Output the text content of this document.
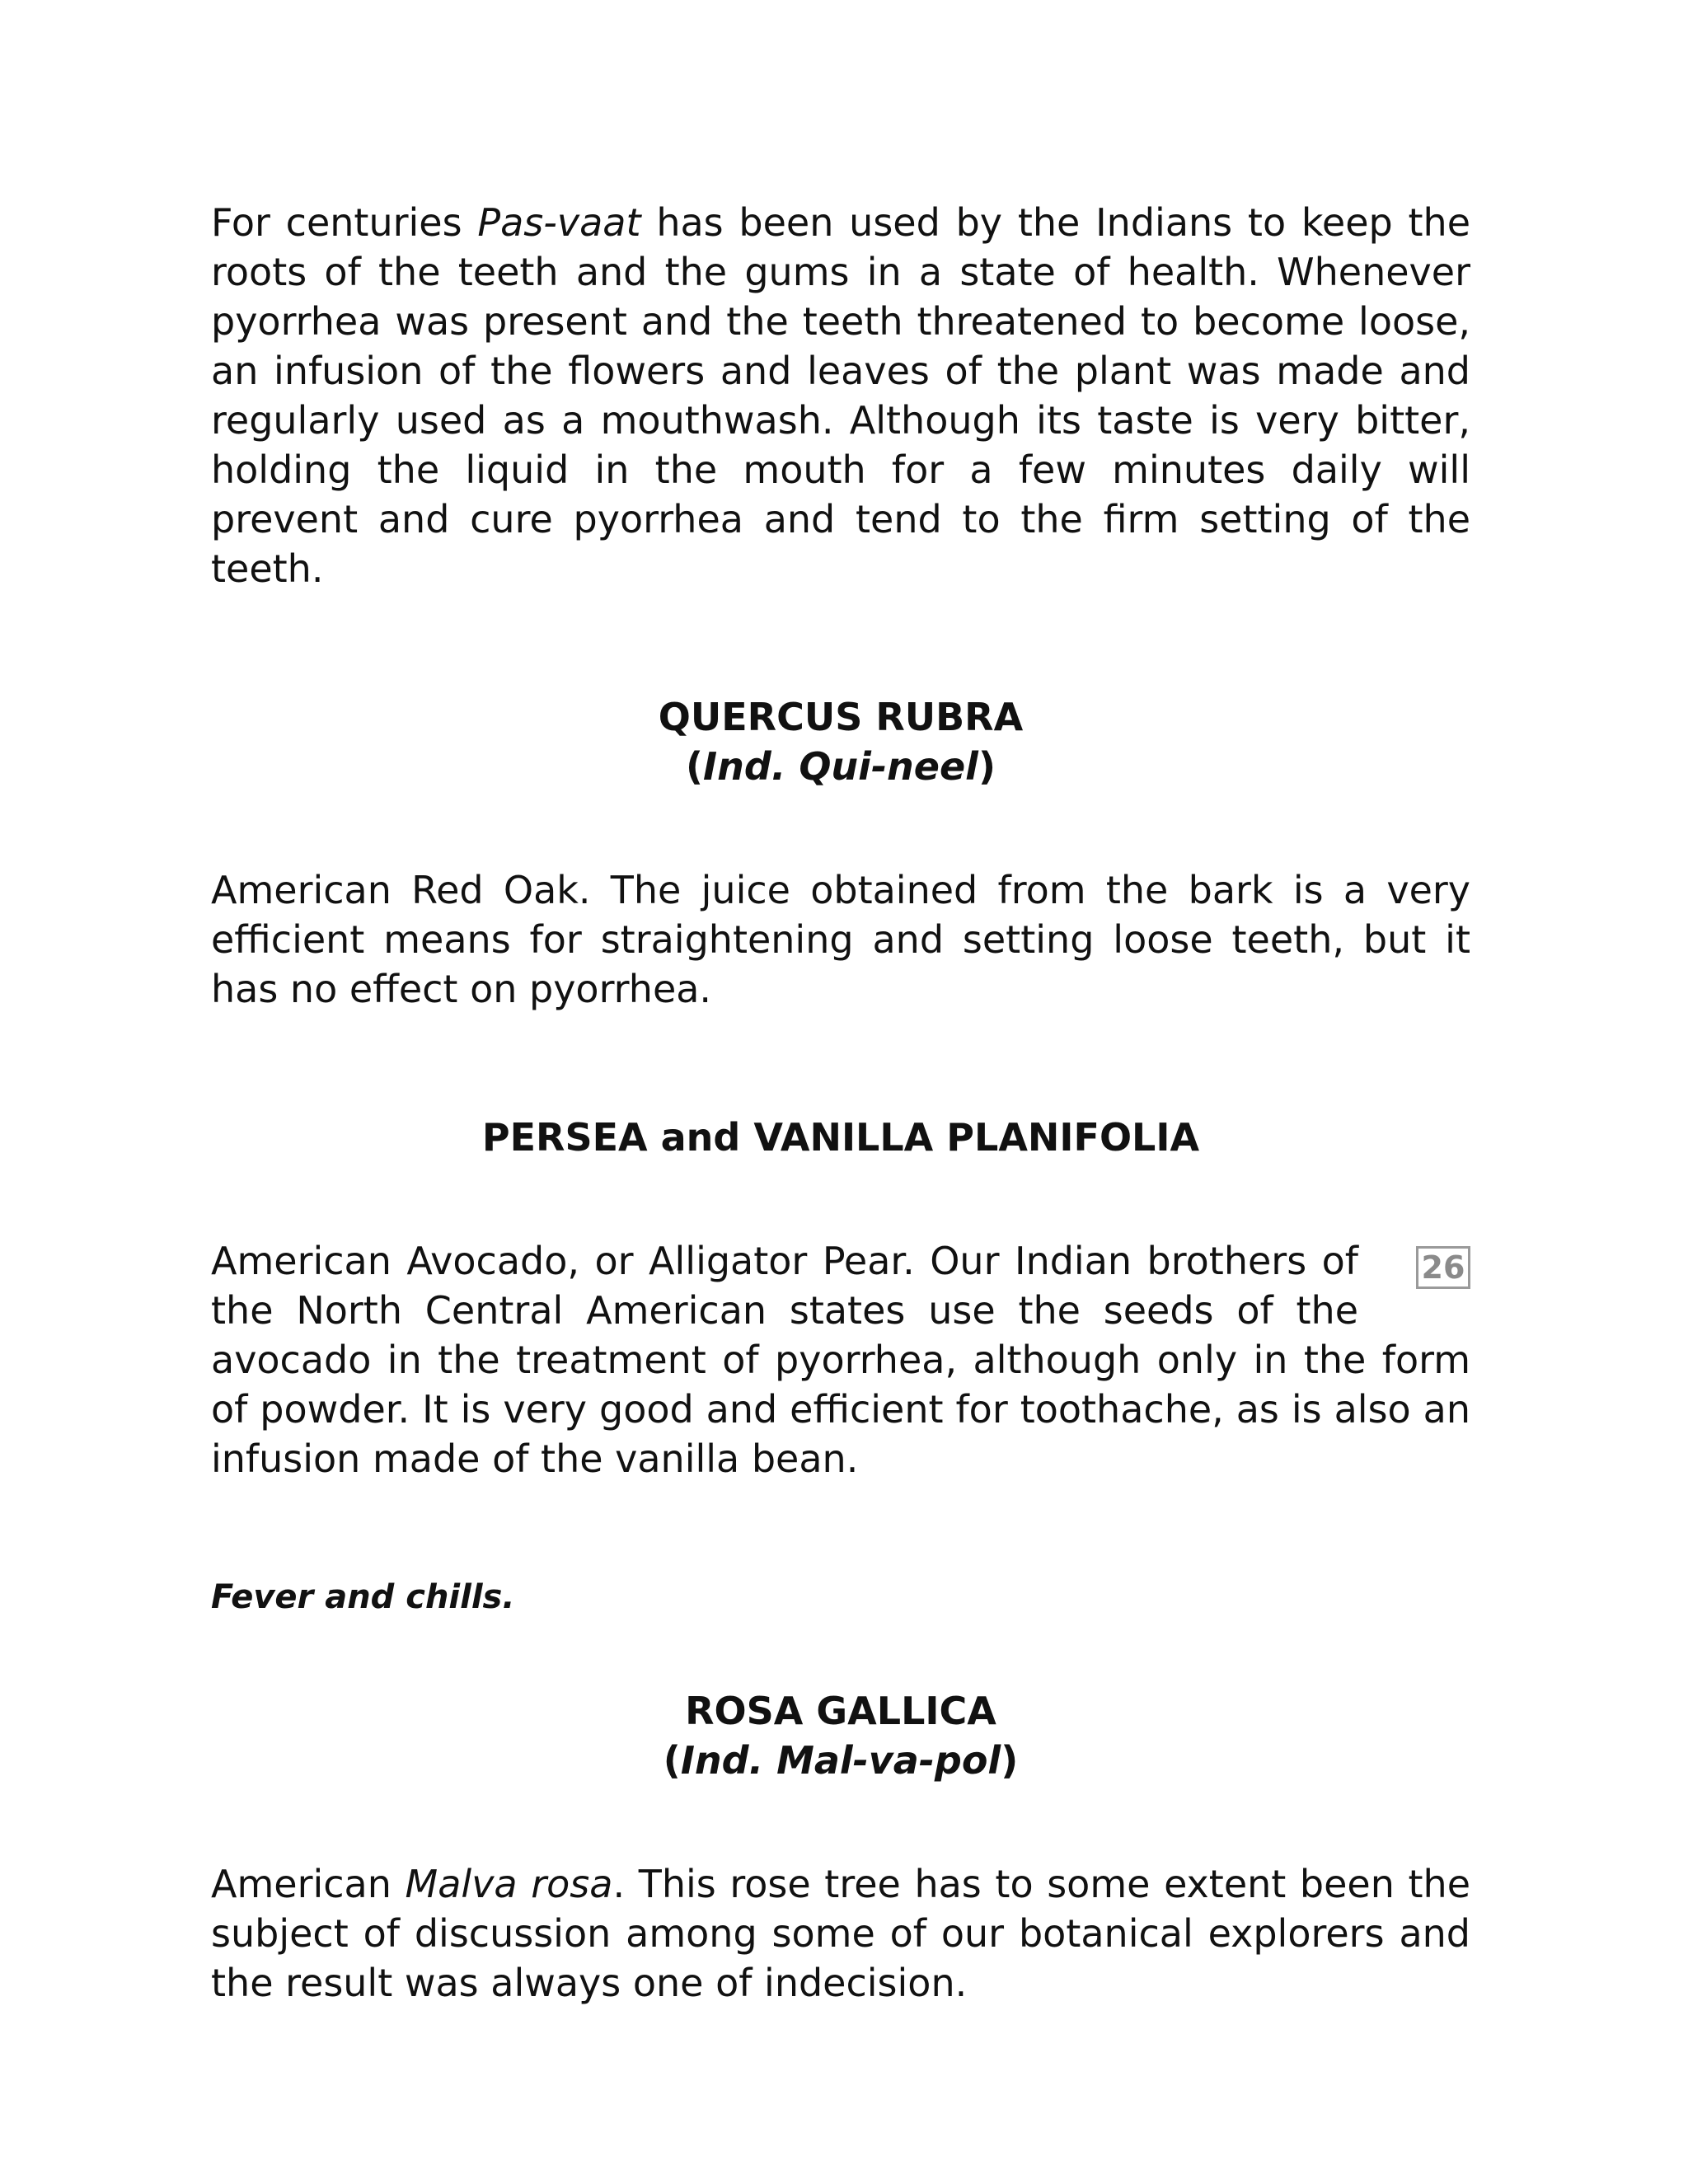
For centuries Pas-vaat has been used by the Indians to keep the roots of the teeth and the gums in a state of health. Whenever pyorrhea was present and the teeth threatened to become loose, an infusion of the flowers and leaves of the plant was made and regularly used as a mouthwash. Although its taste is very bitter, holding the liquid in the mouth for a few minutes daily will prevent and cure pyorrhea and tend to the firm setting of the teeth.

QUERCUS RUBRA
(Ind. Qui-neel)

American Red Oak. The juice obtained from the bark is a very efficient means for straightening and setting loose teeth, but it has no effect on pyorrhea.

PERSEA and VANILLA PLANIFOLIA
26

American Avocado, or Alligator Pear. Our Indian brothers of

the North Central American states use the seeds of the

avocado in the treatment of pyorrhea, although only in the form of powder. It is very good and efficient for toothache, as is also an infusion made of the vanilla bean.

Fever and chills.
ROSA GALLICA
(Ind. Mal-va-pol)

American Malva rosa. This rose tree has to some extent been the subject of discussion among some of our botanical explorers and the result was always one of indecision.
